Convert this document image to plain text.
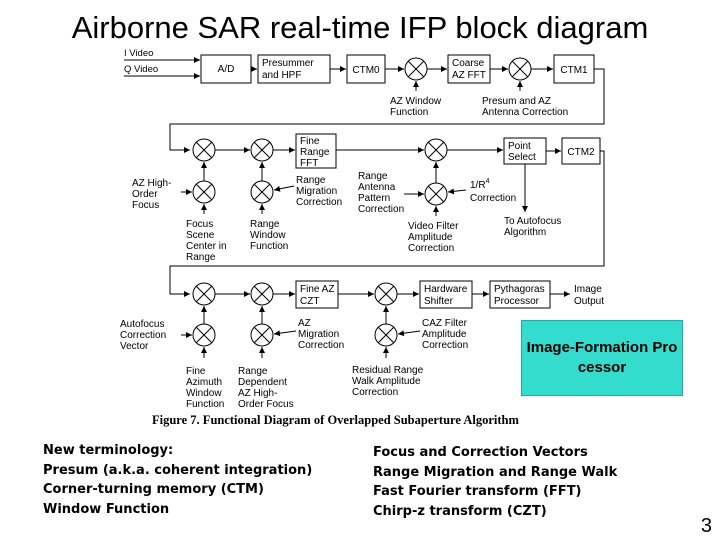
Airborne SAR real-time IFP block diagram
I Video
Q Video	A/D
Presummer
and HPF	CTM0
AZ Window
Function
Coarse
AZ FFT
Presum and AZ
Antenna Correction
CTM1
AZ High-
Order
Focus
Focus
Scene
Center in
Range
Range
Migration
Correction
Range
Window
Function
Fine
Range
FFT
Range
Antenna
Pattern
Correction
$1/R^4$
Correction
Video Filter
Amplitude
Correction
Point
Select
To Autofocus
Algorithm
CTM2
Autofocus
Correction
Vector
Fine
Azimuth
Window
Function
AZ
Migration
Correction
Range
Dependent
AZ High-
Order Focus
Fine AZ
CZT
CAZ Filter
Amplitude
Correction
Residual Range
Walk Amplitude
Correction
Hardware
Shifter
Pythagoras
Processor
Image
Output
Figure 7. Functional Diagram of Overlapped Subaperture Algorithm
Image-Formation Processor
New terminology:
Presum (a.k.a. coherent integration)
Corner-turning memory (CTM)
Window Function
Focus and Correction Vectors
Range Migration and Range Walk
Fast Fourier transform (FFT)
Chirp-z transform (CZT)
3
